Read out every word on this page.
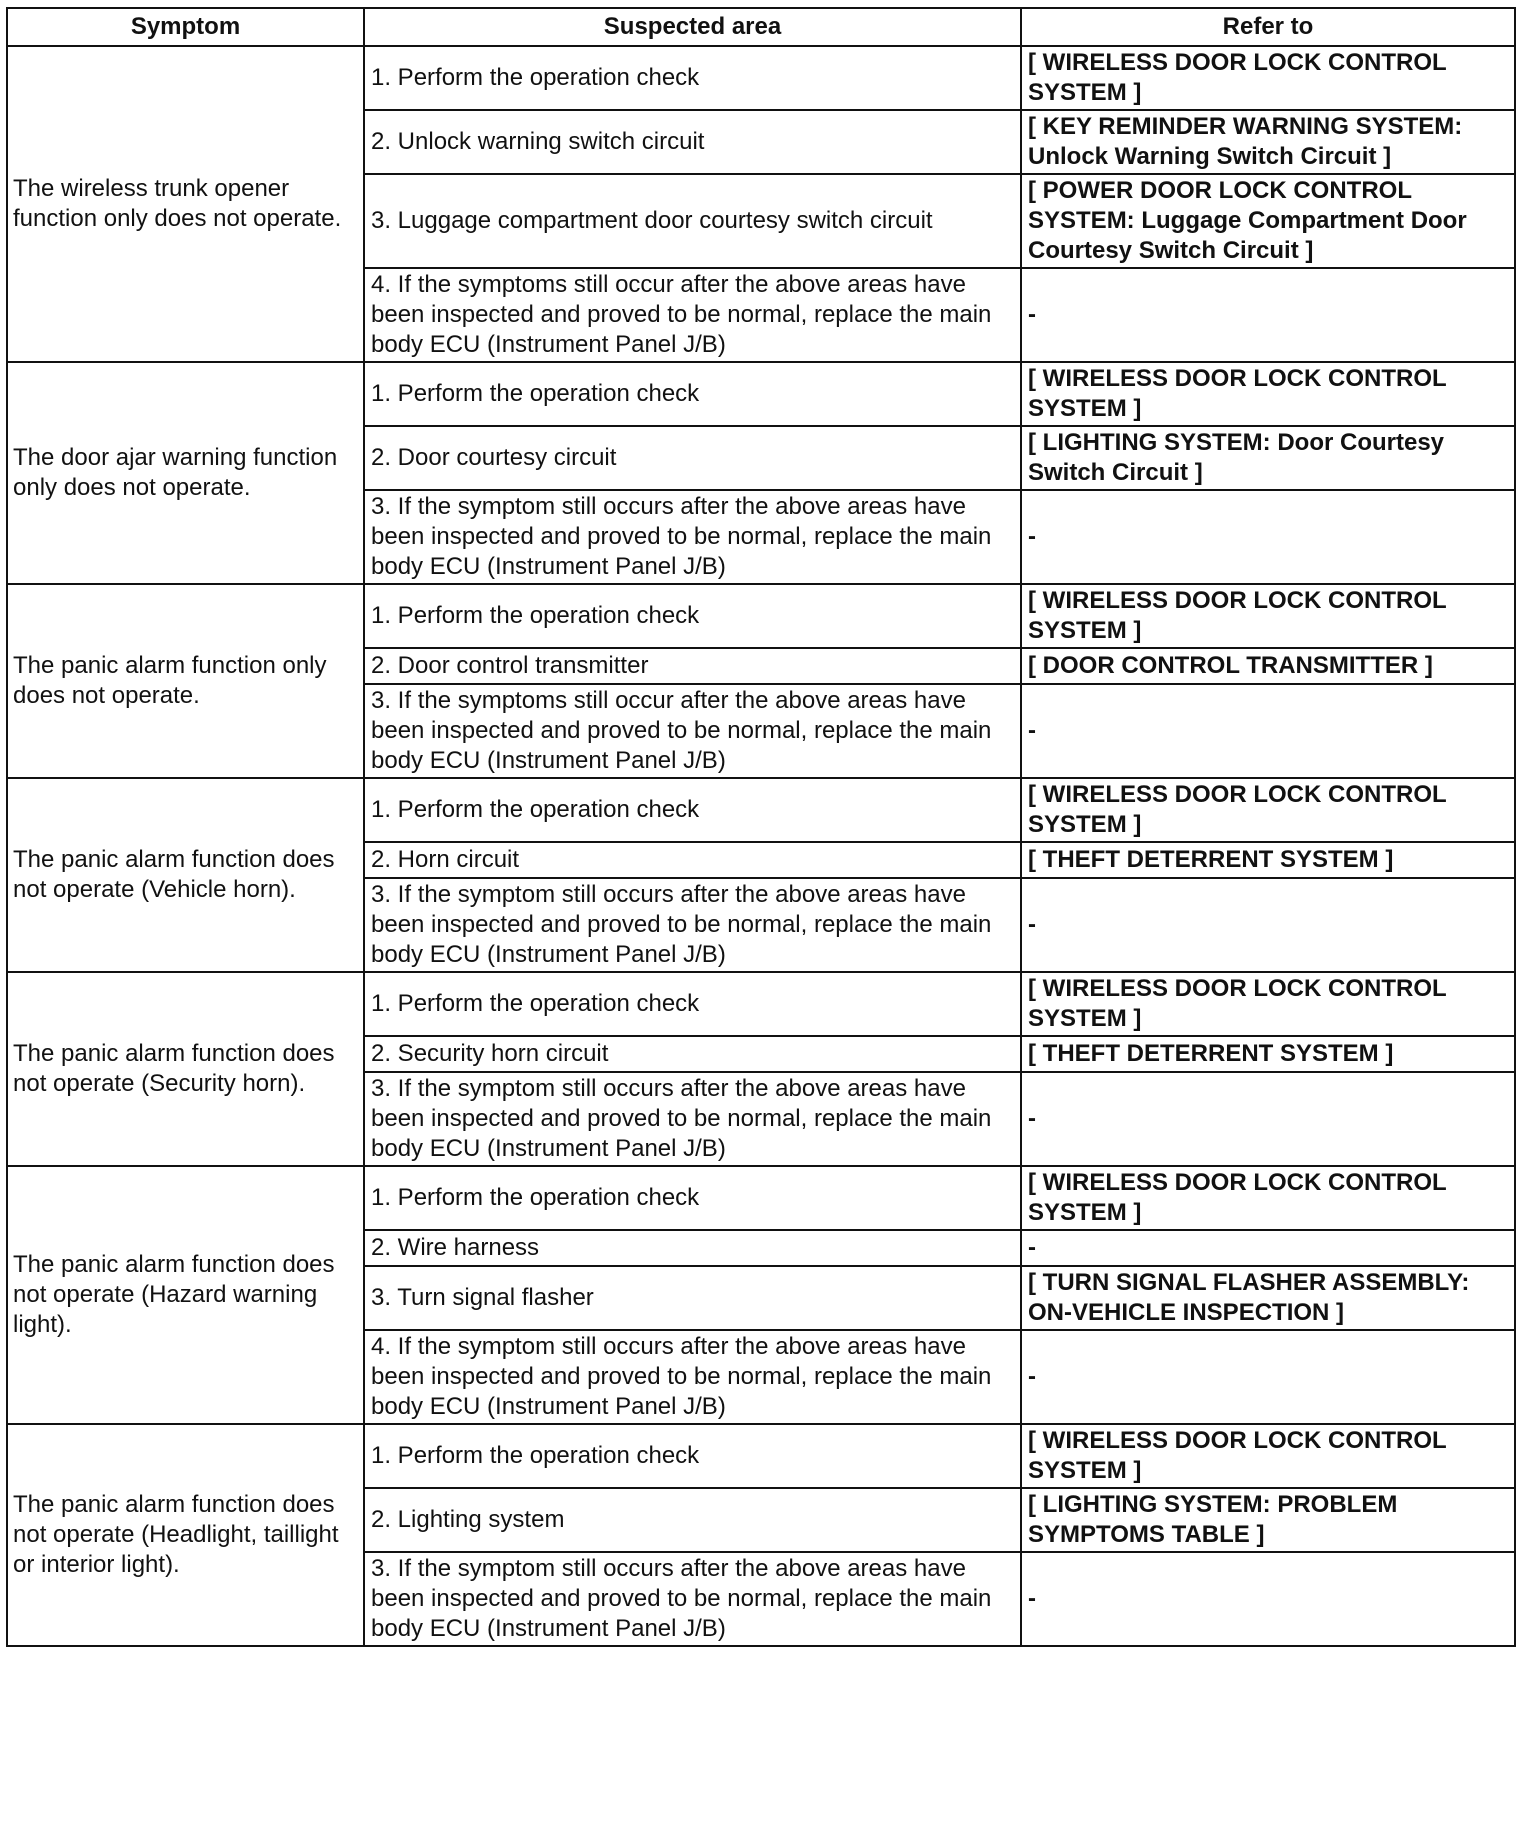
Symptom	Suspected area	Refer to
The wireless trunk opener function only does not operate.	1. Perform the operation check	[ WIRELESS DOOR LOCK CONTROL SYSTEM ]
	2. Unlock warning switch circuit	[ KEY REMINDER WARNING SYSTEM: Unlock Warning Switch Circuit ]
	3. Luggage compartment door courtesy switch circuit	[ POWER DOOR LOCK CONTROL SYSTEM: Luggage Compartment Door Courtesy Switch Circuit ]
	4. If the symptoms still occur after the above areas have been inspected and proved to be normal, replace the main body ECU (Instrument Panel J/B)	-
The door ajar warning function only does not operate.	1. Perform the operation check	[ WIRELESS DOOR LOCK CONTROL SYSTEM ]
	2. Door courtesy circuit	[ LIGHTING SYSTEM: Door Courtesy Switch Circuit ]
	3. If the symptom still occurs after the above areas have been inspected and proved to be normal, replace the main body ECU (Instrument Panel J/B)	-
The panic alarm function only does not operate.	1. Perform the operation check	[ WIRELESS DOOR LOCK CONTROL SYSTEM ]
	2. Door control transmitter	[ DOOR CONTROL TRANSMITTER ]
	3. If the symptoms still occur after the above areas have been inspected and proved to be normal, replace the main body ECU (Instrument Panel J/B)	-
The panic alarm function does not operate (Vehicle horn).	1. Perform the operation check	[ WIRELESS DOOR LOCK CONTROL SYSTEM ]
	2. Horn circuit	[ THEFT DETERRENT SYSTEM ]
	3. If the symptom still occurs after the above areas have been inspected and proved to be normal, replace the main body ECU (Instrument Panel J/B)	-
The panic alarm function does not operate (Security horn).	1. Perform the operation check	[ WIRELESS DOOR LOCK CONTROL SYSTEM ]
	2. Security horn circuit	[ THEFT DETERRENT SYSTEM ]
	3. If the symptom still occurs after the above areas have been inspected and proved to be normal, replace the main body ECU (Instrument Panel J/B)	-
The panic alarm function does not operate (Hazard warning light).	1. Perform the operation check	[ WIRELESS DOOR LOCK CONTROL SYSTEM ]
	2. Wire harness	-
	3. Turn signal flasher	[ TURN SIGNAL FLASHER ASSEMBLY: ON-VEHICLE INSPECTION ]
	4. If the symptom still occurs after the above areas have been inspected and proved to be normal, replace the main body ECU (Instrument Panel J/B)	-
The panic alarm function does not operate (Headlight, taillight or interior light).	1. Perform the operation check	[ WIRELESS DOOR LOCK CONTROL SYSTEM ]
	2. Lighting system	[ LIGHTING SYSTEM: PROBLEM SYMPTOMS TABLE ]
	3. If the symptom still occurs after the above areas have been inspected and proved to be normal, replace the main body ECU (Instrument Panel J/B)	-
